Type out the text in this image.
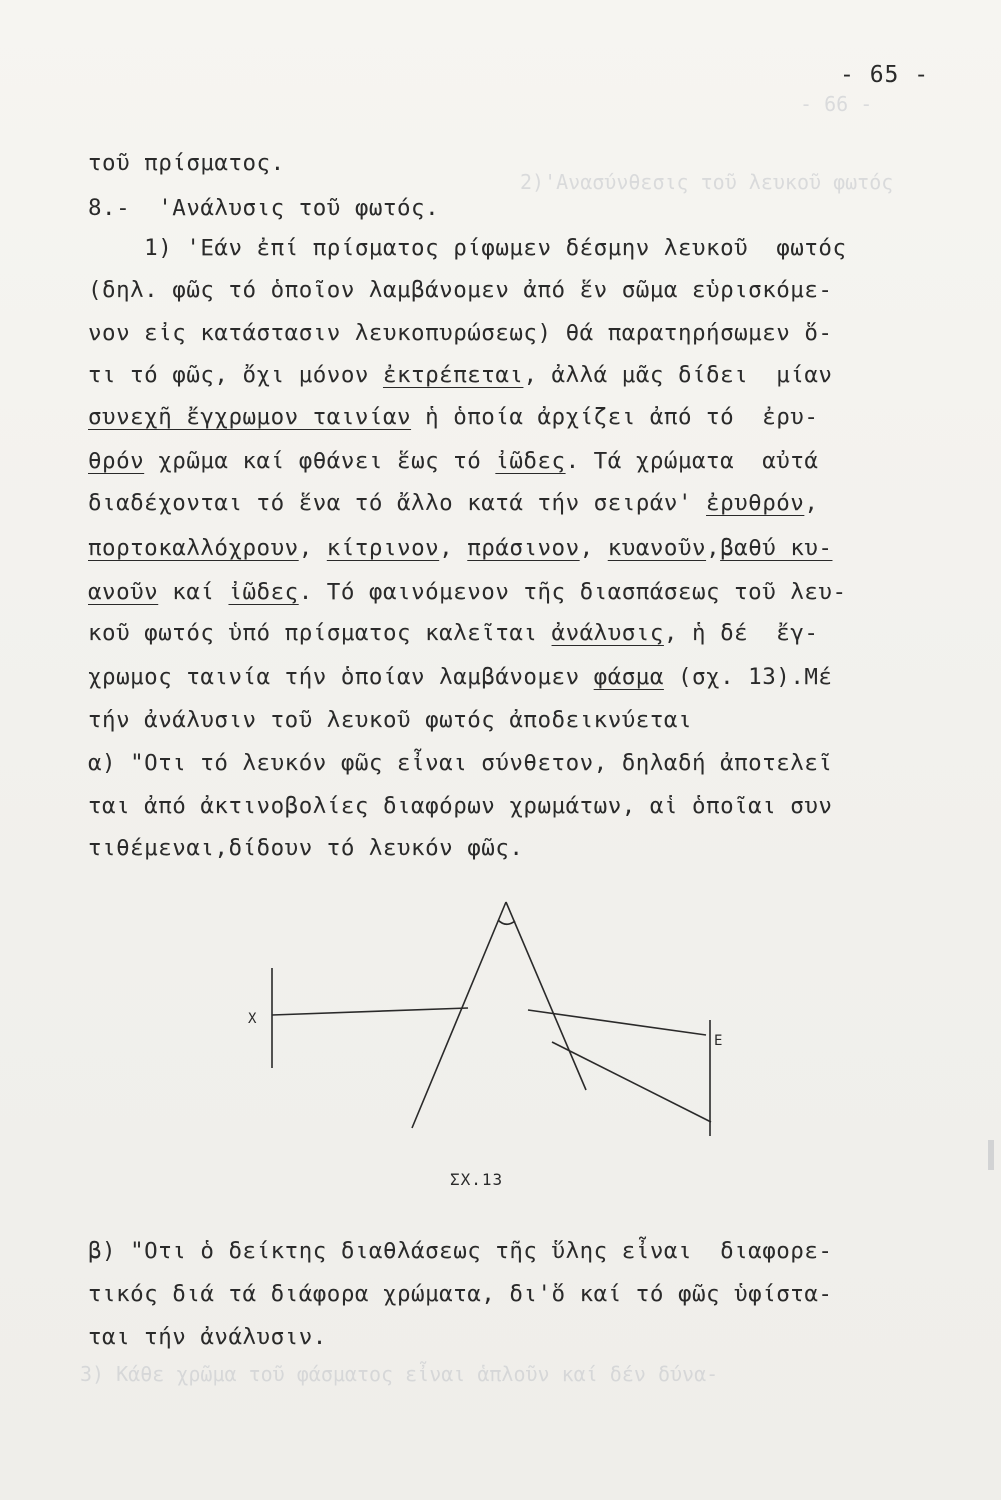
- 66 -
2)'Ανασύνθεσις τοῦ λευκοῦ φωτός
3) Κάθε χρῶμα τοῦ φάσματος εἶναι ἁπλοῦν καί δέν δύνα-
- 65 -
τοῦ πρίσματος.
8.-  'Ανάλυσις τοῦ φωτός.
1) 'Εάν ἐπί πρίσματος ρίφωμεν δέσμην λευκοῦ  φωτός
(δηλ. φῶς τό ὁποῖον λαμβάνομεν ἀπό ἕν σῶμα εὑρισκόμε-
νον εἰς κατάστασιν λευκοπυρώσεως) θά παρατηρήσωμεν ὅ-
τι τό φῶς, ὄχι μόνον ἐκτρέπεται, ἀλλά μᾶς δίδει  μίαν
συνεχῆ ἔγχρωμον ταινίαν ἡ ὁποία ἀρχίζει ἀπό τό  ἐρυ-
θρόν χρῶμα καί φθάνει ἕως τό ἰῶδες. Τά χρώματα  αὐτά
διαδέχονται τό ἕνα τό ἄλλο κατά τήν σειράν' ἐρυθρόν,
πορτοκαλλόχρουν, κίτρινον, πράσινον, κυανοῦν,βαθύ κυ-
ανοῦν καί ἰῶδες. Τό φαινόμενον τῆς διασπάσεως τοῦ λευ-
κοῦ φωτός ὑπό πρίσματος καλεῖται ἀνάλυσις, ἡ δέ  ἔγ-
χρωμος ταινία τήν ὁποίαν λαμβάνομεν φάσμα (σχ. 13).Μέ
τήν ἀνάλυσιν τοῦ λευκοῦ φωτός ἀποδεικνύεται
α) "Οτι τό λευκόν φῶς εἶναι σύνθετον, δηλαδή ἀποτελεῖ
ται ἀπό ἀκτινοβολίες διαφόρων χρωμάτων, αἱ ὁποῖαι συν
τιθέμεναι,δίδουν τό λευκόν φῶς.
β) "Οτι ὁ δείκτης διαθλάσεως τῆς ὕλης εἶναι  διαφορε-
τικός διά τά διάφορα χρώματα, δι'ὅ καί τό φῶς ὑφίστα-
ται τήν ἀνάλυσιν.
Χ
Ε
ΣΧ.13
